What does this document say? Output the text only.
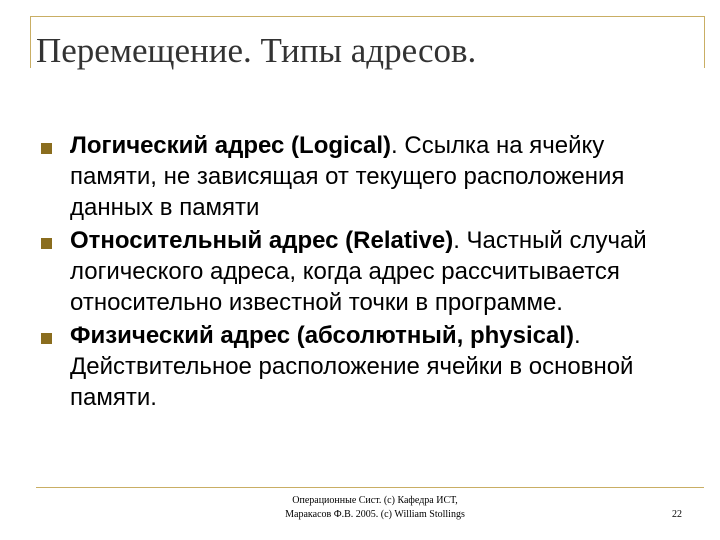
Перемещение. Типы адресов.
Логический адрес (Logical). Ссылка на ячейку памяти, не зависящая от текущего расположения данных в памяти
Относительный адрес (Relative). Частный случай логического адреса, когда адрес рассчитывается относительно известной точки в программе.
Физический адрес (абсолютный, physical). Действительное расположение ячейки в основной памяти.
Операционные Сист. (с) Кафедра ИСТ,
Маракасов Ф.В. 2005. (с) William Stollings	22
